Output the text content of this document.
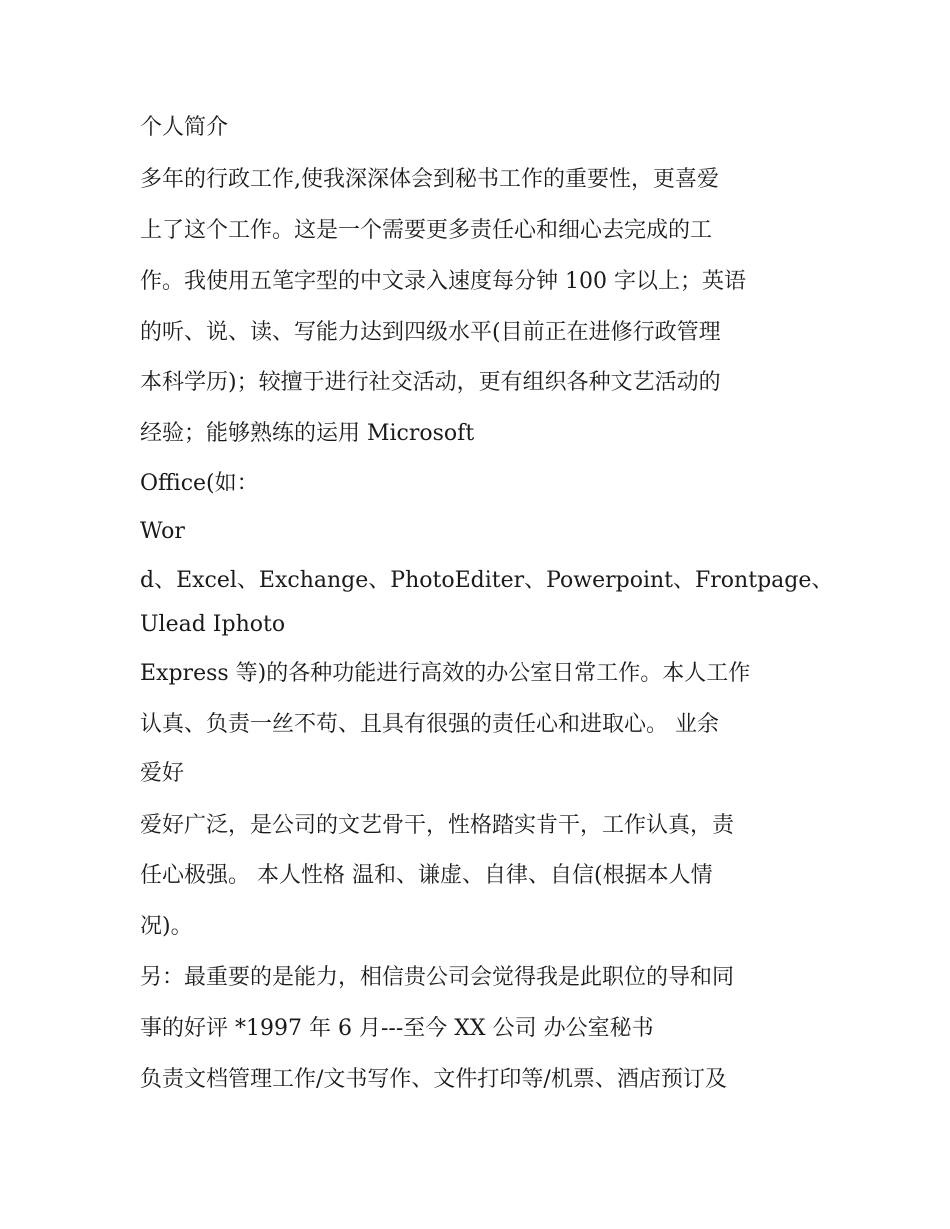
个人简介

多年的行政工作,使我深深体会到秘书工作的重要性，更喜爱

上了这个工作。这是一个需要更多责任心和细心去完成的工

作。我使用五笔字型的中文录入速度每分钟 100 字以上；英语

的听、说、读、写能力达到四级水平(目前正在进修行政管理

本科学历)；较擅于进行社交活动，更有组织各种文艺活动的

经验；能够熟练的运用 Microsoft

Office(如：

Wor

d、Excel、Exchange、PhotoEditer、Powerpoint、Frontpage、

Ulead Iphoto

Express 等)的各种功能进行高效的办公室日常工作。本人工作

认真、负责一丝不苟、且具有很强的责任心和进取心。 业余

爱好

爱好广泛，是公司的文艺骨干，性格踏实肯干，工作认真，责

任心极强。 本人性格 温和、谦虚、自律、自信(根据本人情

况)。

另：最重要的是能力，相信贵公司会觉得我是此职位的导和同

事的好评 *1997 年 6 月---至今 XX 公司 办公室秘书

负责文档管理工作/文书写作、文件打印等/机票、酒店预订及
